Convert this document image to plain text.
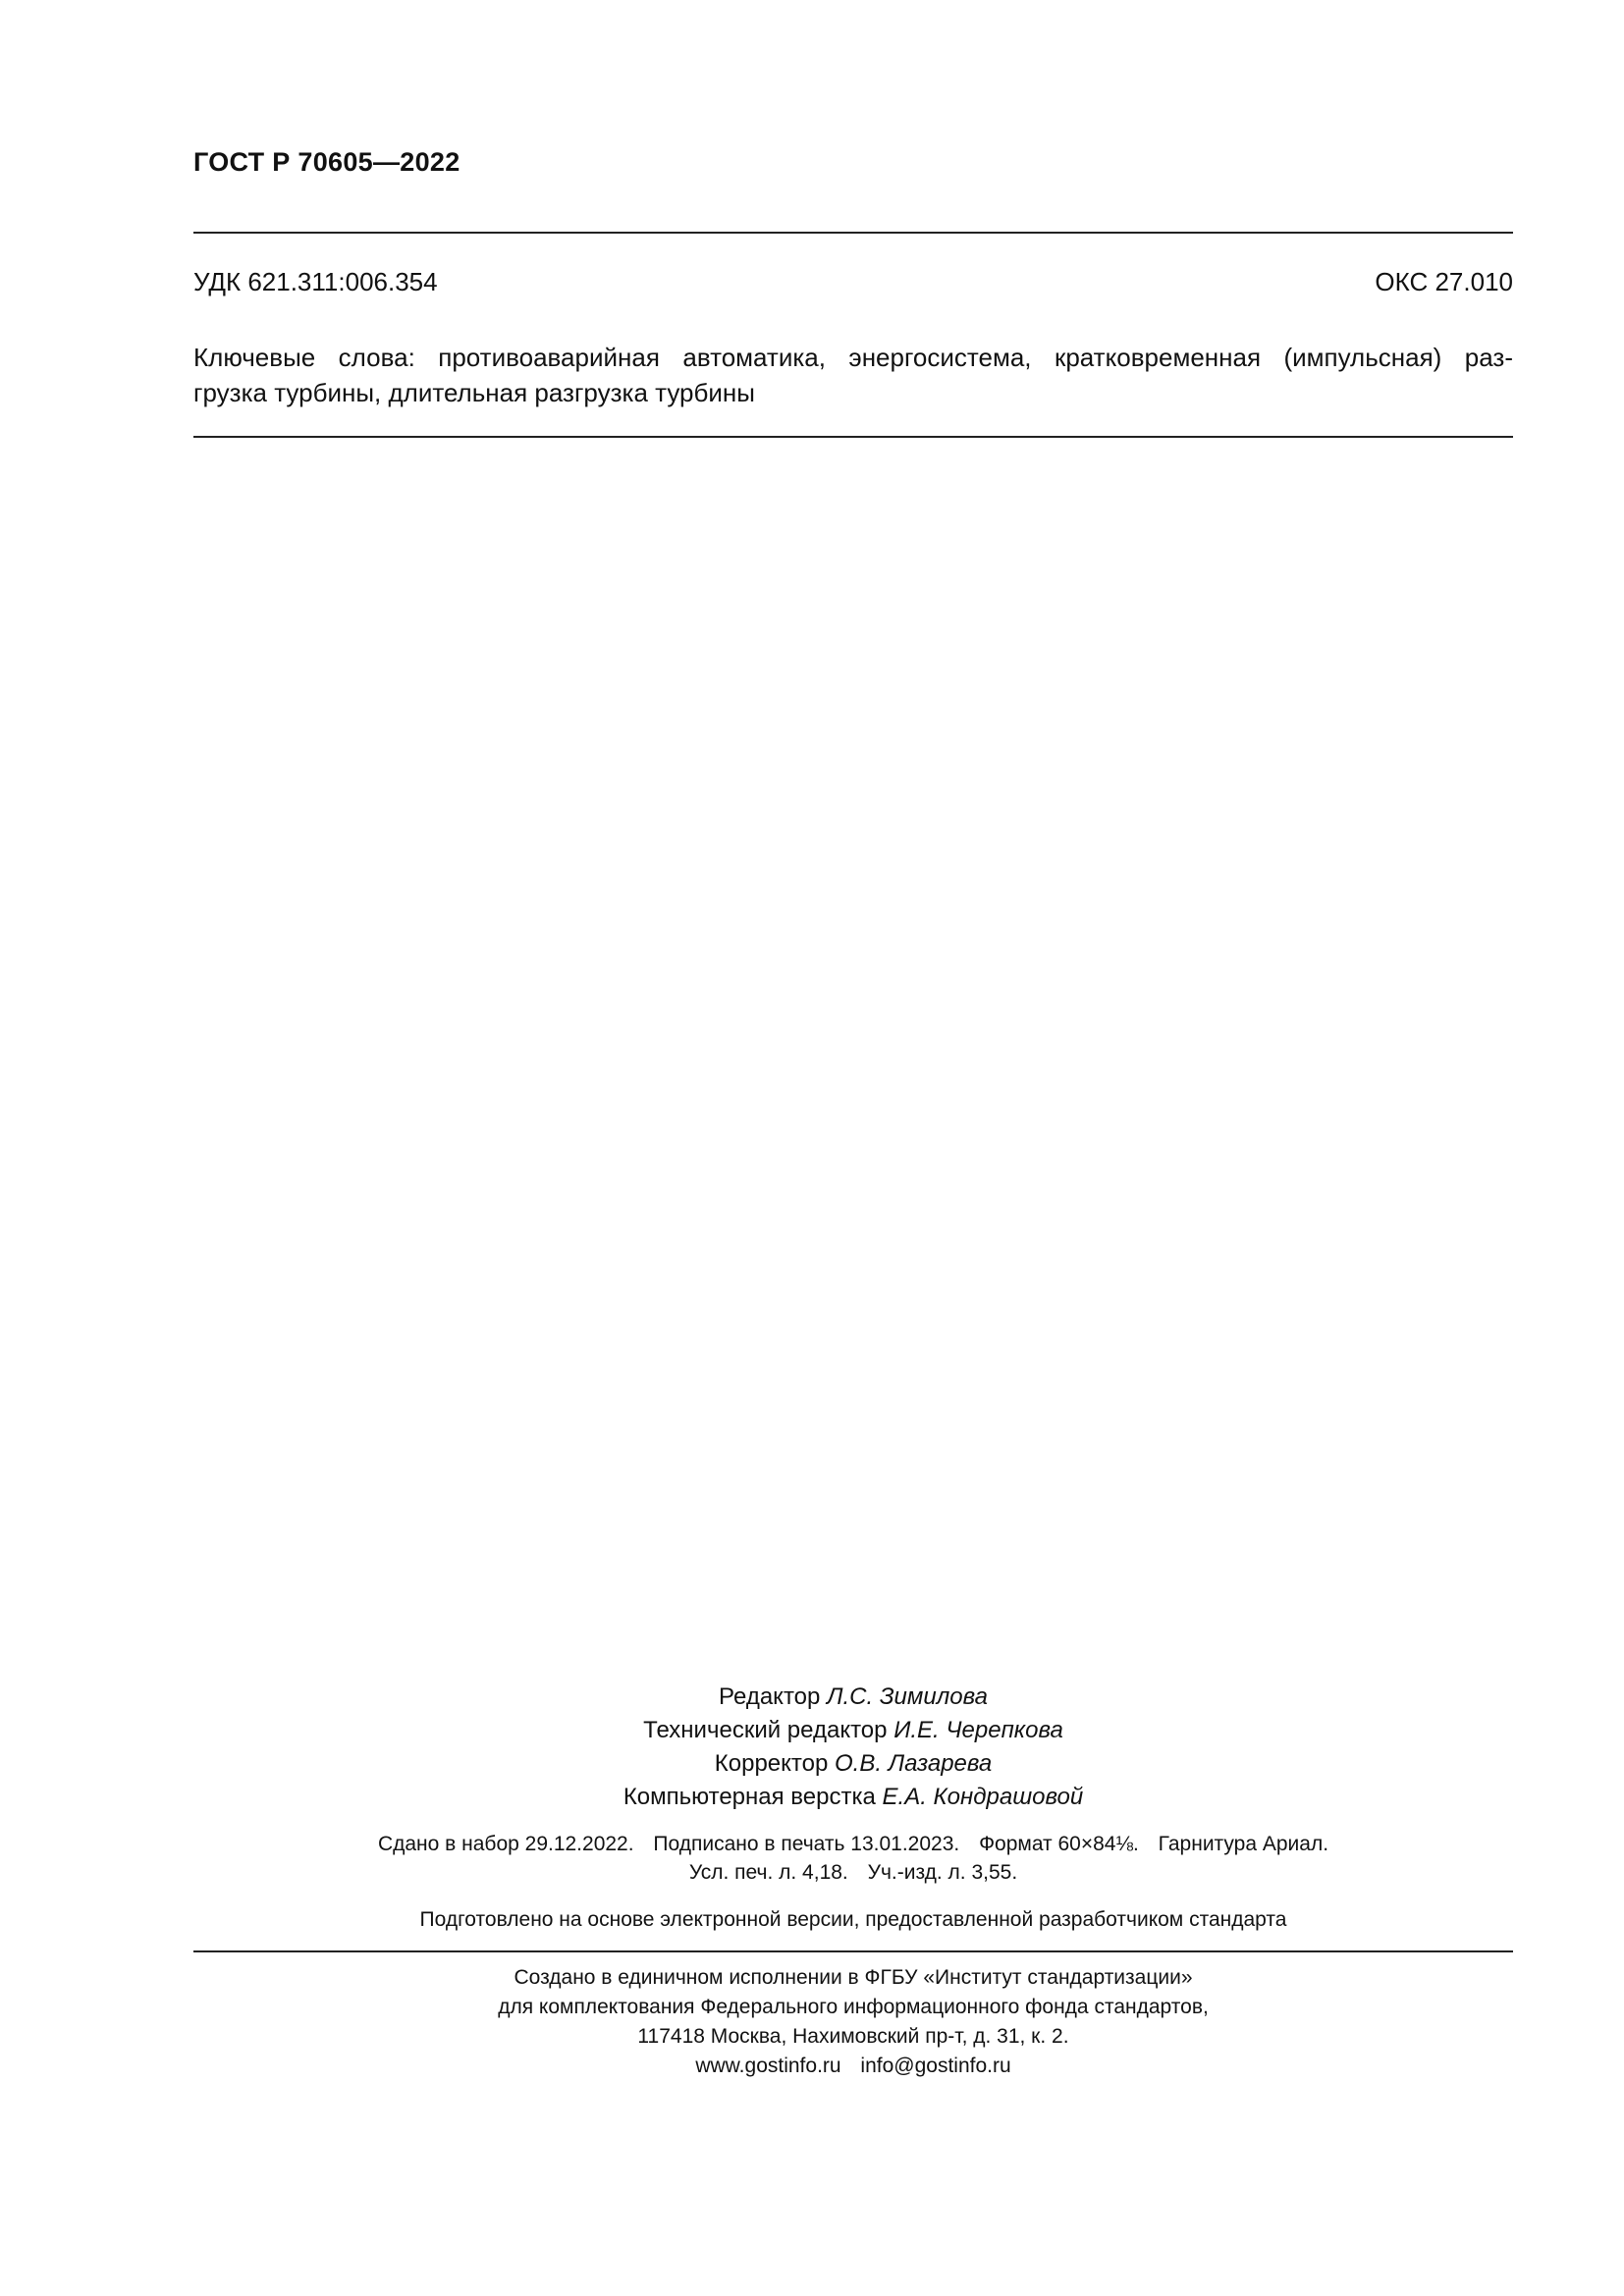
ГОСТ Р 70605—2022
УДК 621.311:006.354	ОКС 27.010
Ключевые слова: противоаварийная автоматика, энергосистема, кратковременная (импульсная) раз-
грузка турбины, длительная разгрузка турбины
Редактор Л.С. Зимилова
Технический редактор И.Е. Черепкова
Корректор О.В. Лазарева
Компьютерная верстка Е.А. Кондрашовой
Сдано в набор 29.12.2022. Подписано в печать 13.01.2023. Формат 60×84⅛. Гарнитура Ариал.
Усл. печ. л. 4,18. Уч.-изд. л. 3,55.
Подготовлено на основе электронной версии, предоставленной разработчиком стандарта
Создано в единичном исполнении в ФГБУ «Институт стандартизации»
для комплектования Федерального информационного фонда стандартов,
117418 Москва, Нахимовский пр-т, д. 31, к. 2.
www.gostinfo.ru info@gostinfo.ru
